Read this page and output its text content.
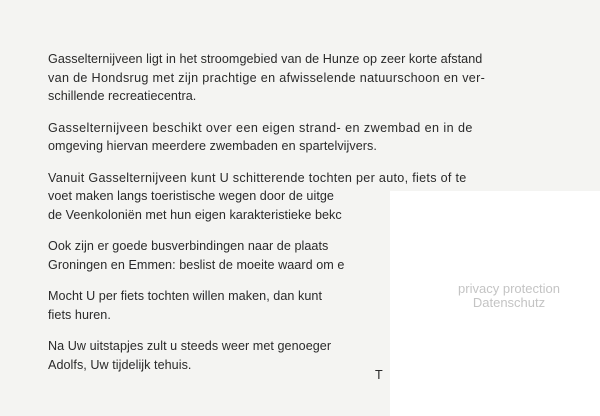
Gasselternijveen ligt in het stroomgebied van de Hunze op zeer korte afstand
van de Hondsrug met zijn prachtige en afwisselende natuurschoon en ver-
schillende recreatiecentra.

Gasselternijveen beschikt over een eigen strand- en zwembad en in de
omgeving hiervan meerdere zwembaden en spartelvijvers.

Vanuit Gasselternijveen kunt U schitterende tochten per auto, fiets of te
voet maken langs toeristische wegen door de uitge
de Veenkoloniën met hun eigen karakteristieke bekc

Ook zijn er goede busverbindingen naar de plaats
Groningen en Emmen: beslist de moeite waard om e

Mocht U per fiets tochten willen maken, dan kunt
fiets huren.

Na Uw uitstapjes zult u steeds weer met genoeger
Adolfs, Uw tijdelijk tehuis.

T
privacy protection
Datenschutz
